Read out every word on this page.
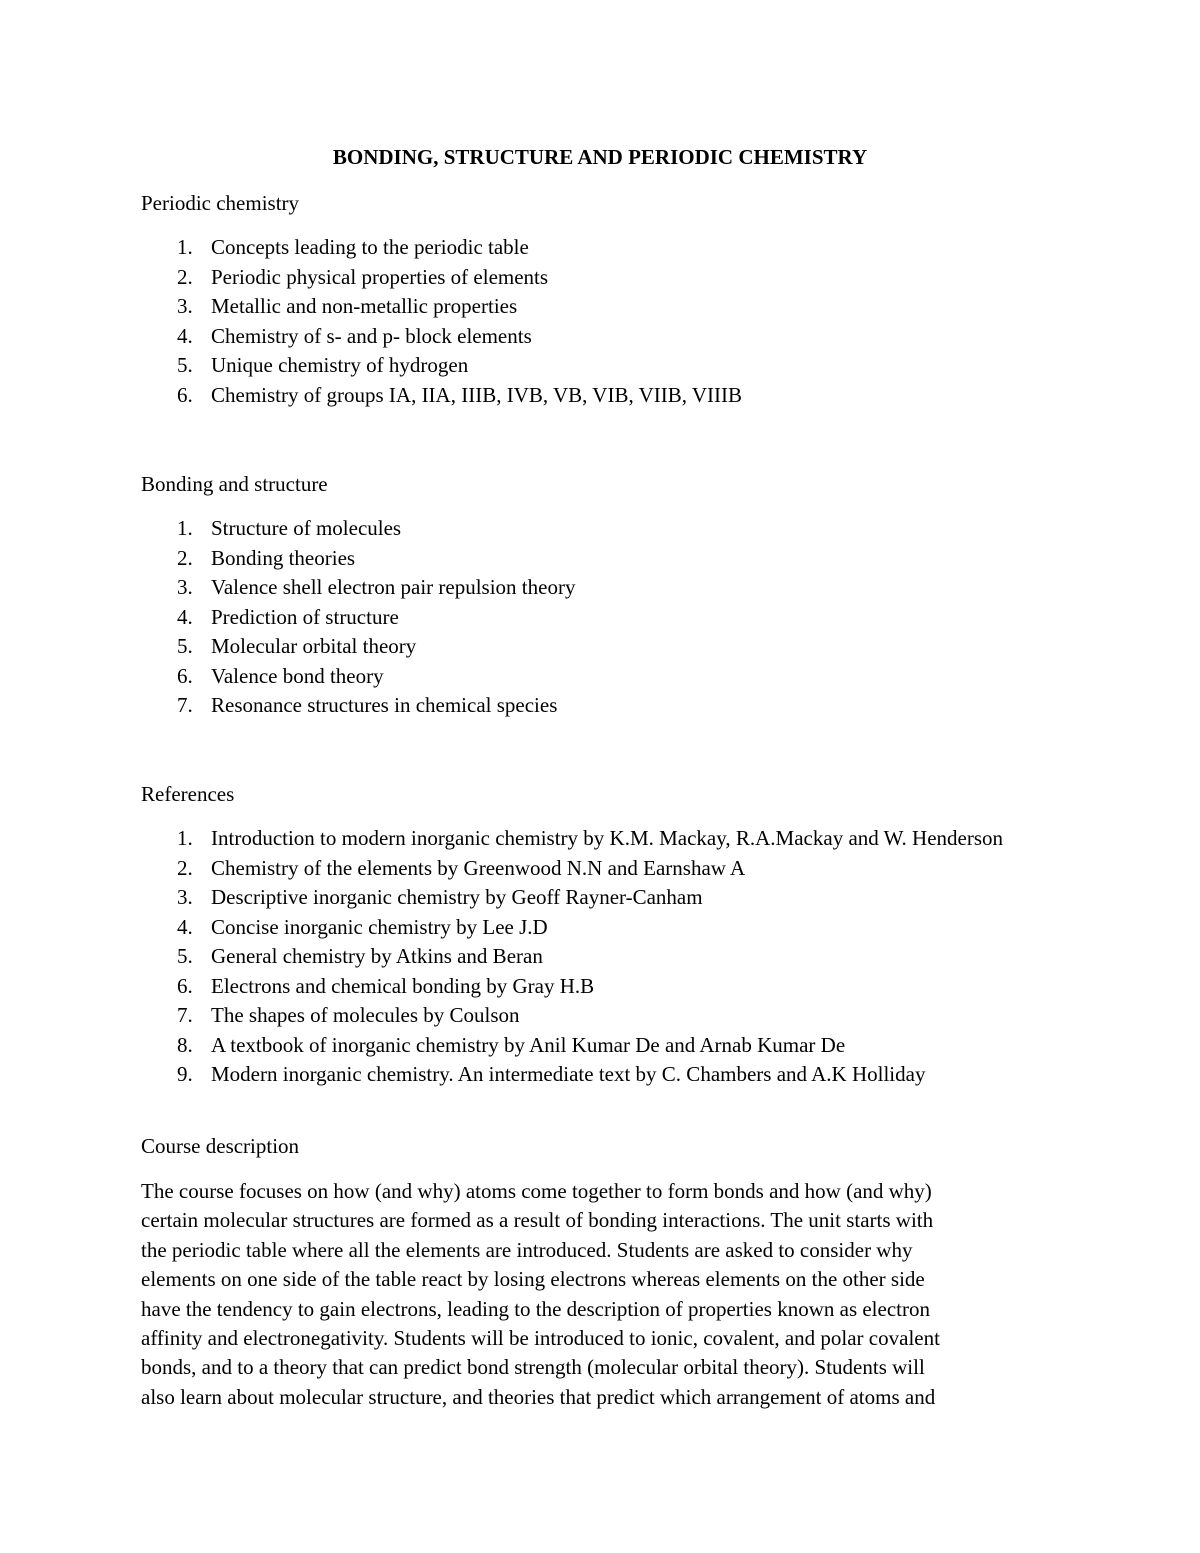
BONDING, STRUCTURE AND PERIODIC CHEMISTRY
Periodic chemistry
1. Concepts leading to the periodic table
2. Periodic physical properties of elements
3. Metallic and non-metallic properties
4. Chemistry of s- and p- block elements
5. Unique chemistry of hydrogen
6. Chemistry of groups IA, IIA, IIIB, IVB, VB, VIB, VIIB, VIIIB
Bonding and structure
1. Structure of molecules
2. Bonding theories
3. Valence shell electron pair repulsion theory
4. Prediction of structure
5. Molecular orbital theory
6. Valence bond theory
7. Resonance structures in chemical species
References
1. Introduction to modern inorganic chemistry by K.M. Mackay, R.A.Mackay and W. Henderson
2. Chemistry of the elements by Greenwood N.N and Earnshaw A
3. Descriptive inorganic chemistry by Geoff Rayner-Canham
4. Concise inorganic chemistry by Lee J.D
5. General chemistry by Atkins and Beran
6. Electrons and chemical bonding by Gray H.B
7. The shapes of molecules by Coulson
8. A textbook of inorganic chemistry by Anil Kumar De and Arnab Kumar De
9. Modern inorganic chemistry. An intermediate text by C. Chambers and A.K Holliday
Course description

The course focuses on how (and why) atoms come together to form bonds and how (and why)
certain molecular structures are formed as a result of bonding interactions. The unit starts with
the periodic table where all the elements are introduced. Students are asked to consider why
elements on one side of the table react by losing electrons whereas elements on the other side
have the tendency to gain electrons, leading to the description of properties known as electron
affinity and electronegativity. Students will be introduced to ionic, covalent, and polar covalent
bonds, and to a theory that can predict bond strength (molecular orbital theory). Students will
also learn about molecular structure, and theories that predict which arrangement of atoms and
